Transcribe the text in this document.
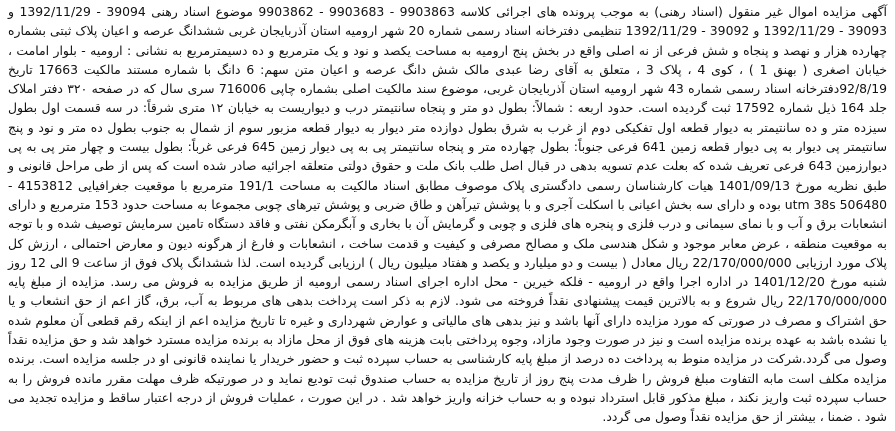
آگهی مزایده اموال غیر منقول (اسناد رهنی) به موجب پرونده های اجرائی کلاسه 9903863 - 9903683 - 9903862 موضوع اسناد رهنی 39094 - 1392/11/29 و 39093 - 1392/11/29 و 39092 - 1392/11/29 تنظیمی دفترخانه اسناد رسمی شماره 20 شهر ارومیه استان آذربایجان غربی ششدانگ عرصه و اعیان پلاک ثبتی بشماره چهارده هزار و نهصد و پنجاه و شش فرعی از نه اصلی واقع در بخش پنج ارومیه به مساحت یکصد و نود و یک مترمربع و ده دسیمترمربع به نشانی : ارومیه - بلوار امامت ، خیابان اصغری ( بهنق 1 ) ، کوی 4 ، پلاک 3 ، متعلق به آقای رضا عبدی مالک شش دانگ عرصه و اعیان متن سهم: 6 دانگ با شماره مستند مالکیت 17663 تاریخ 92/8/19دفترخانه اسناد رسمی شماره 43 شهر ارومیه استان آذربایجان غربی، موضوع سند مالکیت اصلی بشماره چاپی 716006 سری سال که در صفحه ۳۲۰ دفتر املاک جلد 164 ذیل شماره 17592 ثبت گردیده است. حدود اربعه : شمالاً: بطول دو متر و پنجاه سانتیمتر درب و دیواریست به خیابان ۱۲ متری شرقاً: در سه قسمت اول بطول سیزده متر و ده سانتیمتر به دیوار قطعه اول تفکیکی دوم از غرب به شرق بطول دوازده متر دیوار به دیوار قطعه مزبور سوم از شمال به جنوب بطول ده متر و نود و پنج سانتیمتر پی دیوار به پی دیوار قطعه زمین 641 فرعی جنوباً: بطول چهارده متر و پنجاه سانتیمتر پی به پی دیوار زمین 645 فرعی غرباً: بطول بیست و چهار متر پی به پی دیوارزمین 643 فرعی تعریف شده که بعلت عدم تسویه بدهی در قبال اصل طلب بانک ملت و حقوق دولتی متعلقه اجرائیه صادر شده است که پس از طی مراحل قانونی و طبق نظریه مورخ 1401/09/13 هیات کارشناسان رسمی دادگستری پلاک موصوف مطابق اسناد مالکیت به مساحت 191/1 مترمربع با موقعیت جغرافیایی 4153812 - 506480 utm 38s بوده و دارای سه بخش اعیانی با اسکلت آجری و با پوشش تیرآهن و طاق ضربی و پوشش تیرهای چوبی مجموعا به مساحت حدود 153 مترمربع و دارای انشعابات برق و آب و با نمای سیمانی و درب فلزی و پنجره های فلزی و چوبی و گرمایش آن با بخاری و آبگرمکن نفتی و فاقد دستگاه تامین سرمایش توصیف شده و با توجه به موقعیت منطقه ، عرض معابر موجود و شکل هندسی ملک و مصالح مصرفی و کیفیت و قدمت ساخت ، انشعابات و فارغ از هرگونه دیون و معارض احتمالی ، ارزش کل پلاک مورد ارزیابی 22/170/000/000 ریال معادل ( بیست و دو میلیارد و یکصد و هفتاد میلیون ریال ) ارزیابی گردیده است. لذا ششدانگ پلاک فوق از ساعت 9 الی 12 روز شنبه مورخ 1401/12/20 در اداره اجرا واقع در ارومیه - فلکه خیرین - محل اداره اجرای اسناد رسمی ارومیه از طریق مزایده به فروش می رسد. مزایده از مبلغ پایه 22/170/000/000 ریال شروع و به بالاترین قیمت پیشنهادی نقداً فروخته می شود. لازم به ذکر است پرداخت بدهی های مربوط به آب، برق، گاز اعم از حق انشعاب و یا حق اشتراک و مصرف در صورتی که مورد مزایده دارای آنها باشد و نیز بدهی های مالیاتی و عوارض شهرداری و غیره تا تاریخ مزایده اعم از اینکه رقم قطعی آن معلوم شده یا نشده باشد به عهده برنده مزایده است و نیز در صورت وجود مازاد، وجوه پرداختی بابت هزینه های فوق از محل مازاد به برنده مزایده مسترد خواهد شد و حق مزایده نقداً وصول می گردد.شرکت در مزایده منوط به پرداخت ده درصد از مبلغ پایه کارشناسی به حساب سپرده ثبت و حضور خریدار یا نماینده قانونی او در جلسه مزایده است. برنده مزایده مکلف است مابه التفاوت مبلغ فروش را ظرف مدت پنج روز از تاریخ مزایده به حساب صندوق ثبت تودیع نماید و در صورتیکه ظرف مهلت مقرر مانده فروش را به حساب سپرده ثبت واریز نکند ، مبلغ مذکور قابل استرداد نبوده و به حساب خزانه واریز خواهد شد . در این صورت ، عملیات فروش از درجه اعتبار ساقط و مزایده تجدید می شود . ضمنا ، بیشتر از حق مزایده نقداً وصول می گردد.
